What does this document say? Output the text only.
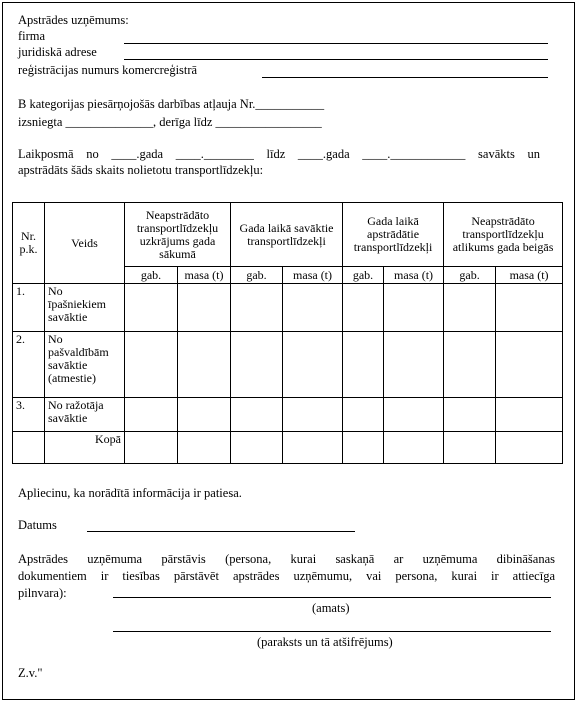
Apstrādes uzņēmums:
firma
juridiskā adrese
reģistrācijas numurs komercreģistrā
B kategorijas piesārņojošās darbības atļauja Nr.___________
izsniegta ______________, derīga līdz _________________
Laikposmā no ____.gada ____.________ līdz ____.gada ____.____________ savākts un
apstrādāts šāds skaits nolietotu transportlīdzekļu:
Nr. p.k.	Veids	Neapstrādāto transportlīdzekļu uzkrājums gada sākumā		Gada laikā savāktie transportlīdzekļi		Gada laikā apstrādātie transportlīdzekļi		Neapstrādāto transportlīdzekļu atlikums gada beigās	
		gab.	masa (t)	gab.	masa (t)	gab.	masa (t)	gab.	masa (t)
1.	No īpašniekiem savāktie								
2.	No pašvaldībām savāktie (atmestie)								
3.	No ražotāja savāktie								
	Kopā								
Apliecinu, ka norādītā informācija ir patiesa.
Datums
Apstrādes uzņēmuma pārstāvis (persona, kurai saskaņā ar uzņēmuma dibināšanas
dokumentiem ir tiesības pārstāvēt apstrādes uzņēmumu, vai persona, kurai ir attiecīga
pilnvara):
(amats)
(paraksts un tā atšifrējums)
Z.v."
